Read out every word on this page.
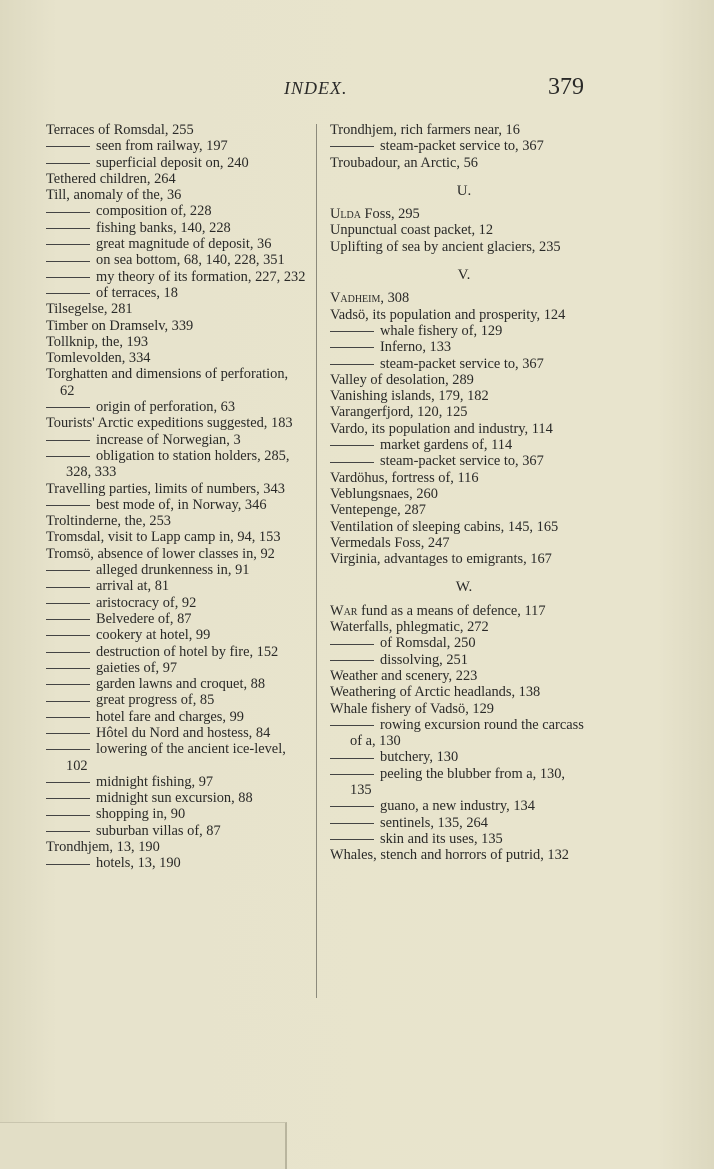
INDEX.	379
Terraces of Romsdal, 255
seen from railway, 197
superficial deposit on, 240
Tethered children, 264
Till, anomaly of the, 36
composition of, 228
fishing banks, 140, 228
great magnitude of deposit, 36
on sea bottom, 68, 140, 228, 351
my theory of its formation, 227, 232
of terraces, 18
Tilsegelse, 281
Timber on Dramselv, 339
Tollknip, the, 193
Tomlevolden, 334
Torghatten and dimensions of perforation, 62
origin of perforation, 63
Tourists' Arctic expeditions suggested, 183
increase of Norwegian, 3
obligation to station holders, 285, 328, 333
Travelling parties, limits of numbers, 343
best mode of, in Norway, 346
Troltinderne, the, 253
Tromsdal, visit to Lapp camp in, 94, 153
Tromsö, absence of lower classes in, 92
alleged drunkenness in, 91
arrival at, 81
aristocracy of, 92
Belvedere of, 87
cookery at hotel, 99
destruction of hotel by fire, 152
gaieties of, 97
garden lawns and croquet, 88
great progress of, 85
hotel fare and charges, 99
Hôtel du Nord and hostess, 84
lowering of the ancient ice-level, 102
midnight fishing, 97
midnight sun excursion, 88
shopping in, 90
suburban villas of, 87
Trondhjem, 13, 190
hotels, 13, 190
Trondhjem, rich farmers near, 16
steam-packet service to, 367
Troubadour, an Arctic, 56
U.
Ulda Foss, 295
Unpunctual coast packet, 12
Uplifting of sea by ancient glaciers, 235
V.
Vadheim, 308
Vadsö, its population and prosperity, 124
whale fishery of, 129
Inferno, 133
steam-packet service to, 367
Valley of desolation, 289
Vanishing islands, 179, 182
Varangerfjord, 120, 125
Vardo, its population and industry, 114
market gardens of, 114
steam-packet service to, 367
Vardöhus, fortress of, 116
Veblungsnaes, 260
Ventepenge, 287
Ventilation of sleeping cabins, 145, 165
Vermedals Foss, 247
Virginia, advantages to emigrants, 167
W.
War fund as a means of defence, 117
Waterfalls, phlegmatic, 272
of Romsdal, 250
dissolving, 251
Weather and scenery, 223
Weathering of Arctic headlands, 138
Whale fishery of Vadsö, 129
rowing excursion round the carcass of a, 130
butchery, 130
peeling the blubber from a, 130, 135
guano, a new industry, 134
sentinels, 135, 264
skin and its uses, 135
Whales, stench and horrors of putrid, 132
